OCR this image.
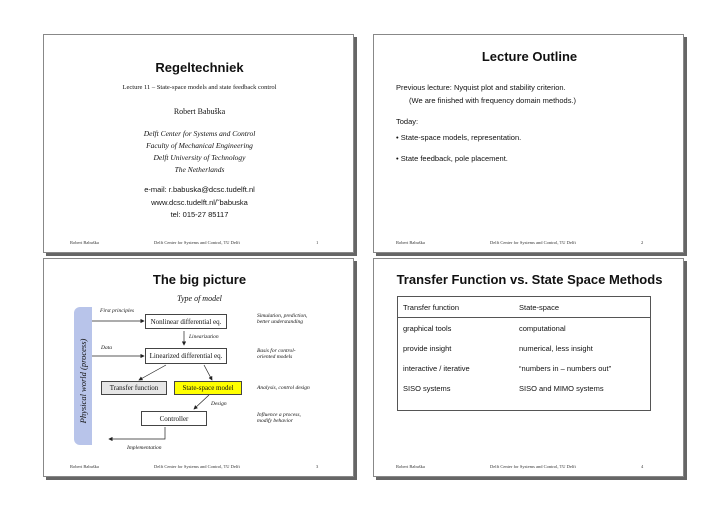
Regeltechniek
Lecture 11 – State-space models and state feedback control
Robert Babuška
Delft Center for Systems and Control
Faculty of Mechanical Engineering
Delft University of Technology
The Netherlands
e-mail: r.babuska@dcsc.tudelft.nl
www.dcsc.tudelft.nl/˜babuska
tel: 015-27 85117
Robert Babuška	Delft Center for Systems and Control, TU Delft	1
Lecture Outline
Previous lecture: Nyquist plot and stability criterion.
(We are finished with frequency domain methods.)
Today:
• State-space models, representation.
• State feedback, pole placement.
Robert Babuška	Delft Center for Systems and Control, TU Delft	2
The big picture
Type of model
Physical world (process)
First principles
Data
Nonlinear differential eq.
Linearization
Linearized differential eq.
Transfer function	State-space model
Design
Controller
Implementation
Simulation, prediction,
better understanding
Basis for control-
oriented models
Analysis, control design
Influence a process,
modify behavior
Robert Babuška	Delft Center for Systems and Control, TU Delft	3
Transfer Function vs. State Space Methods
Transfer function	State-space
graphical tools	computational
provide insight	numerical, less insight
interactive / iterative	“numbers in – numbers out”
SISO systems	SISO and MIMO systems
Robert Babuška	Delft Center for Systems and Control, TU Delft	4
